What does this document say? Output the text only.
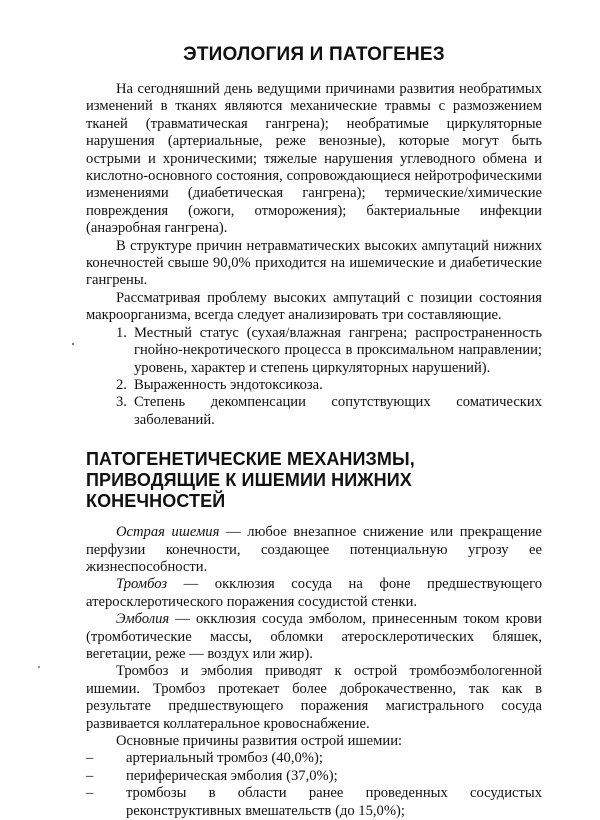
ЭТИОЛОГИЯ И ПАТОГЕНЕЗ

На сегодняшний день ведущими причинами развития необратимых изменений в тканях являются механические травмы с размозжением тканей (травматическая гангрена); необратимые циркуляторные нарушения (артериальные, реже венозные), которые могут быть острыми и хроническими; тяжелые нарушения углеводного обмена и кислотно-основного состояния, сопровождающиеся нейротрофическими изменениями (диабетическая гангрена); термические/химические повреждения (ожоги, отморожения); бактериальные инфекции (анаэробная гангрена).

В структуре причин нетравматических высоких ампутаций нижних конечностей свыше 90,0% приходится на ишемические и диабетические гангрены.

Рассматривая проблему высоких ампутаций с позиции состояния макроорганизма, всегда следует анализировать три составляющие.

1. Местный статус (сухая/влажная гангрена; распространенность гнойно-некротического процесса в проксимальном направлении; уровень, характер и степень циркуляторных нарушений).
2. Выраженность эндотоксикоза.
3. Степень декомпенсации сопутствующих соматических заболеваний.
ПАТОГЕНЕТИЧЕСКИЕ МЕХАНИЗМЫ,
ПРИВОДЯЩИЕ К ИШЕМИИ НИЖНИХ КОНЕЧНОСТЕЙ

Острая ишемия — любое внезапное снижение или прекращение перфузии конечности, создающее потенциальную угрозу ее жизнеспособности.

Тромбоз — окклюзия сосуда на фоне предшествующего атеросклеротического поражения сосудистой стенки.

Эмболия — окклюзия сосуда эмболом, принесенным током крови (тромботические массы, обломки атеросклеротических бляшек, вегетации, реже — воздух или жир).

Тромбоз и эмболия приводят к острой тромбоэмбологенной ишемии. Тромбоз протекает более доброкачественно, так как в результате предшествующего поражения магистрального сосуда развивается коллатеральное кровоснабжение.

Основные причины развития острой ишемии:

– артериальный тромбоз (40,0%);
– периферическая эмболия (37,0%);
– тромбозы в области ранее проведенных сосудистых реконструктивных вмешательств (до 15,0%);
